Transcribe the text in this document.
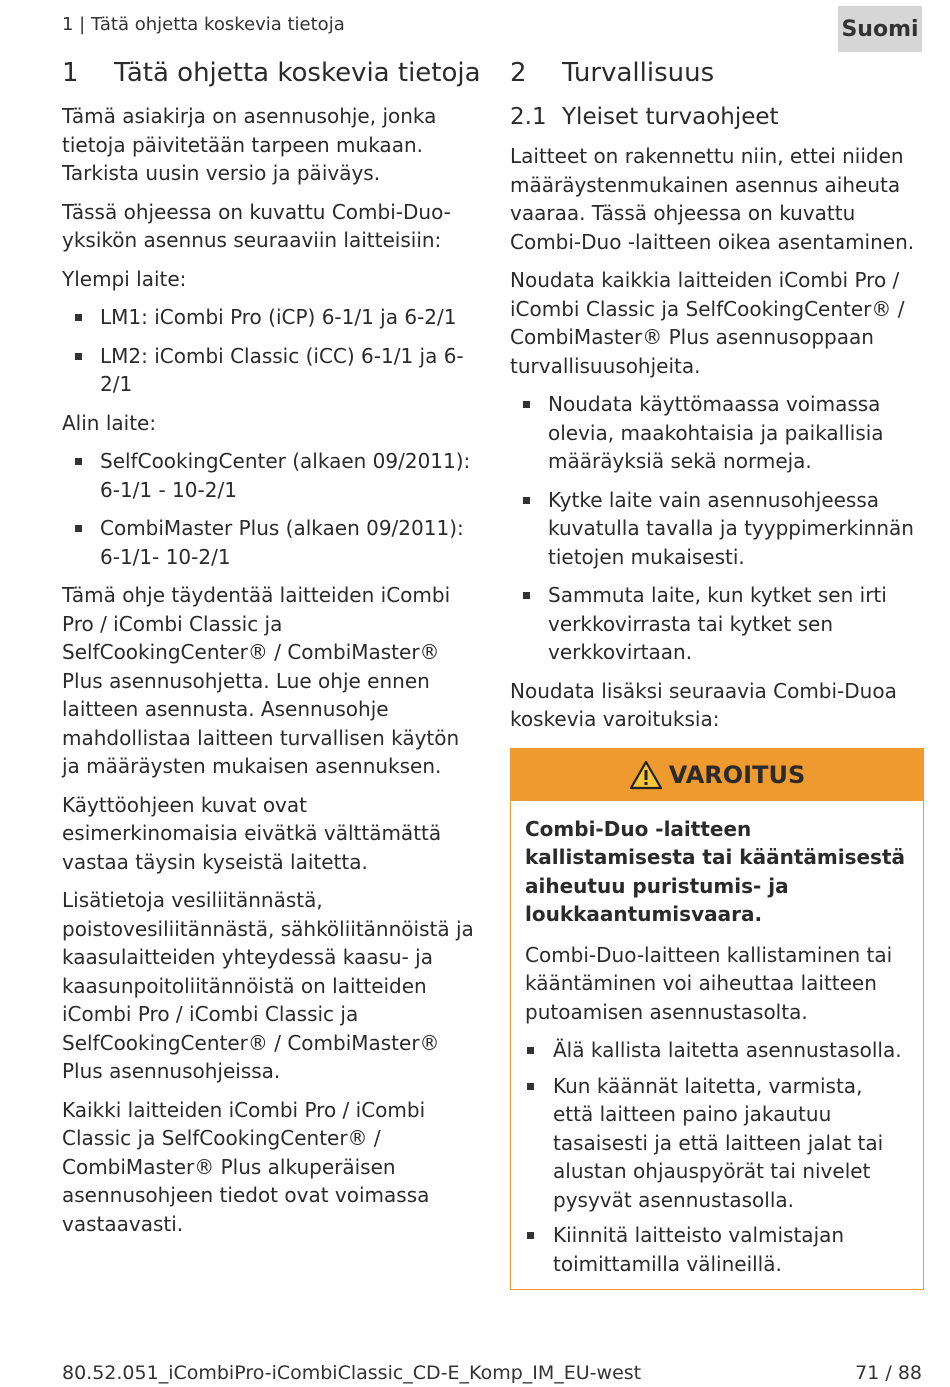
1 | Tätä ohjetta koskevia tietoja	Suomi
1	Tätä ohjetta koskevia tietoja

Tämä asiakirja on asennusohje, jonka tietoja päivitetään tarpeen mukaan. Tarkista uusin versio ja päiväys.

Tässä ohjeessa on kuvattu Combi-Duo-yksikön asennus seuraaviin laitteisiin:

Ylempi laite:

LM1: iCombi Pro (iCP) 6-1/1 ja 6-2/1
LM2: iCombi Classic (iCC) 6-1/1 ja 6-2/1

Alin laite:

SelfCookingCenter (alkaen 09/2011): 6-1/1 - 10-2/1
CombiMaster Plus (alkaen 09/2011): 6-1/1- 10-2/1

Tämä ohje täydentää laitteiden iCombi Pro / iCombi Classic ja SelfCookingCenter® / CombiMaster® Plus asennusohjetta. Lue ohje ennen laitteen asennusta. Asennusohje mahdollistaa laitteen turvallisen käytön ja määräysten mukaisen asennuksen.

Käyttöohjeen kuvat ovat esimerkinomaisia eivätkä välttämättä vastaa täysin kyseistä laitetta.

Lisätietoja vesiliitännästä, poistovesiliitännästä, sähköliitännöistä ja kaasulaitteiden yhteydessä kaasu- ja kaasunpoitoliitännöistä on laitteiden iCombi Pro / iCombi Classic ja SelfCookingCenter® / CombiMaster® Plus asennusohjeissa.

Kaikki laitteiden iCombi Pro / iCombi Classic ja SelfCookingCenter® / CombiMaster® Plus alkuperäisen asennusohjeen tiedot ovat voimassa vastaavasti.

2	Turvallisuus
2.1 Yleiset turvaohjeet

Laitteet on rakennettu niin, ettei niiden määräystenmukainen asennus aiheuta vaaraa. Tässä ohjeessa on kuvattu Combi-Duo -laitteen oikea asentaminen.

Noudata kaikkia laitteiden iCombi Pro / iCombi Classic ja SelfCookingCenter® / CombiMaster® Plus asennusoppaan turvallisuusohjeita.

Noudata käyttömaassa voimassa olevia, maakohtaisia ja paikallisia määräyksiä sekä normeja.
Kytke laite vain asennusohjeessa kuvatulla tavalla ja tyyppimerkinnän tietojen mukaisesti.
Sammuta laite, kun kytket sen irti verkkovirrasta tai kytket sen verkkovirtaan.

Noudata lisäksi seuraavia Combi-Duoa koskevia varoituksia:

VAROITUS
Combi-Duo -laitteen kallistamisesta tai kääntämisestä aiheutuu puristumis- ja loukkaantumisvaara.

Combi-Duo-laitteen kallistaminen tai kääntäminen voi aiheuttaa laitteen putoamisen asennustasolta.

Älä kallista laitetta asennustasolla.
Kun käännät laitetta, varmista, että laitteen paino jakautuu tasaisesti ja että laitteen jalat tai alustan ohjauspyörät tai nivelet pysyvät asennustasolla.
Kiinnitä laitteisto valmistajan toimittamilla välineillä.
80.52.051_iCombiPro-iCombiClassic_CD-E_Komp_IM_EU-west	71 / 88
